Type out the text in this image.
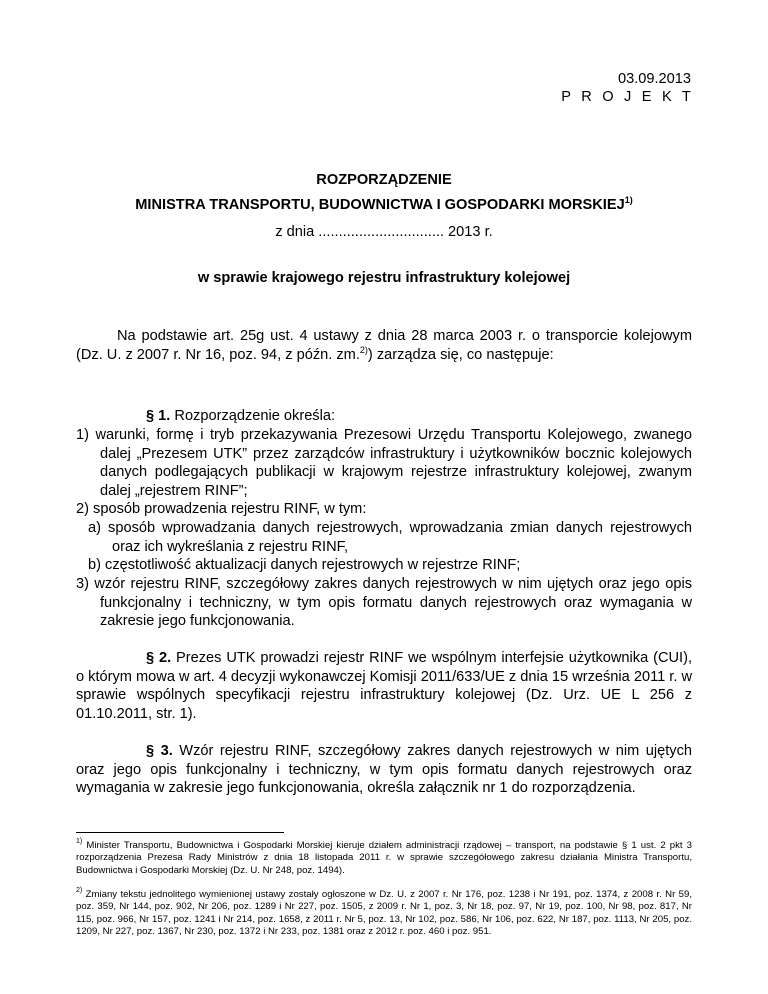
03.09.2013
P R O J E K T
ROZPORZĄDZENIE
MINISTRA TRANSPORTU, BUDOWNICTWA I GOSPODARKI MORSKIEJ$^{1)}$
z dnia ............................... 2013 r.
w sprawie krajowego rejestru infrastruktury kolejowej
Na podstawie art. 25g ust. 4 ustawy z dnia 28 marca 2003 r. o transporcie kolejowym (Dz. U. z 2007 r. Nr 16, poz. 94, z późn. zm.$^{2)}$) zarządza się, co następuje:
§ 1. Rozporządzenie określa:
1) warunki, formę i tryb przekazywania Prezesowi Urzędu Transportu Kolejowego, zwanego dalej „Prezesem UTK” przez zarządców infrastruktury i użytkowników bocznic kolejowych danych podlegających publikacji w krajowym rejestrze infrastruktury kolejowej, zwanym dalej „rejestrem RINF”;
2) sposób prowadzenia rejestru RINF, w tym:
a) sposób wprowadzania danych rejestrowych, wprowadzania zmian danych rejestrowych oraz ich wykreślania z rejestru RINF,
b) częstotliwość aktualizacji danych rejestrowych w rejestrze RINF;
3) wzór rejestru RINF, szczegółowy zakres danych rejestrowych w nim ujętych oraz jego opis funkcjonalny i techniczny, w tym opis formatu danych rejestrowych oraz wymagania w zakresie jego funkcjonowania.
§ 2. Prezes UTK prowadzi rejestr RINF we wspólnym interfejsie użytkownika (CUI), o którym mowa w art. 4 decyzji wykonawczej Komisji 2011/633/UE z dnia 15 września 2011 r. w sprawie wspólnych specyfikacji rejestru infrastruktury kolejowej (Dz. Urz. UE L 256 z 01.10.2011, str. 1).
§ 3. Wzór rejestru RINF, szczegółowy zakres danych rejestrowych w nim ujętych oraz jego opis funkcjonalny i techniczny, w tym opis formatu danych rejestrowych oraz wymagania w zakresie jego funkcjonowania, określa załącznik nr 1 do rozporządzenia.
$^{1)}$ Minister Transportu, Budownictwa i Gospodarki Morskiej kieruje działem administracji rządowej – transport, na podstawie § 1 ust. 2 pkt 3 rozporządzenia Prezesa Rady Ministrów z dnia 18 listopada 2011 r. w sprawie szczegółowego zakresu działania Ministra Transportu, Budownictwa i Gospodarki Morskiej (Dz. U. Nr 248, poz. 1494).
$^{2)}$ Zmiany tekstu jednolitego wymienionej ustawy zostały ogłoszone w Dz. U. z 2007 r. Nr 176, poz. 1238 i Nr 191, poz. 1374, z 2008 r. Nr 59, poz. 359, Nr 144, poz. 902, Nr 206, poz. 1289 i Nr 227, poz. 1505, z 2009 r. Nr 1, poz. 3, Nr 18, poz. 97, Nr 19, poz. 100, Nr 98, poz. 817, Nr 115, poz. 966, Nr 157, poz. 1241 i Nr 214, poz. 1658, z 2011 r. Nr 5, poz. 13, Nr 102, poz. 586, Nr 106, poz. 622, Nr 187, poz. 1113, Nr 205, poz. 1209, Nr 227, poz. 1367, Nr 230, poz. 1372 i Nr 233, poz. 1381 oraz z 2012 r. poz. 460 i poz. 951.
